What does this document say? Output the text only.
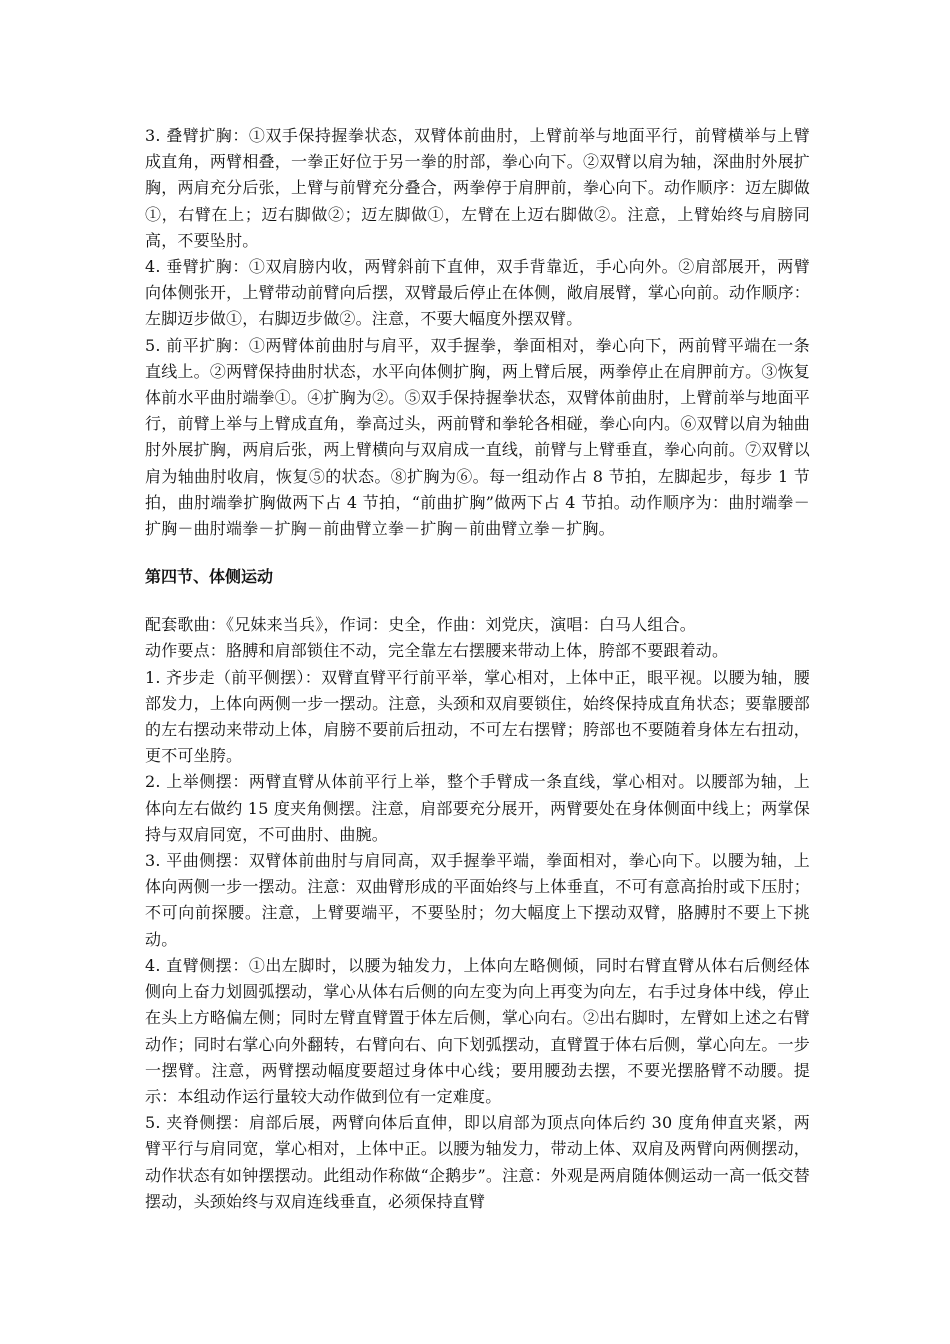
3. 叠臂扩胸：①双手保持握拳状态，双臂体前曲肘，上臂前举与地面平行，前臂横举与上臂成直角，两臂相叠，一拳正好位于另一拳的肘部，拳心向下。②双臂以肩为轴，深曲肘外展扩胸，两肩充分后张，上臂与前臂充分叠合，两拳停于肩胛前，拳心向下。动作顺序：迈左脚做①，右臂在上；迈右脚做②；迈左脚做①，左臂在上迈右脚做②。注意，上臂始终与肩膀同高，不要坠肘。

4. 垂臂扩胸：①双肩膀内收，两臂斜前下直伸，双手背靠近，手心向外。②肩部展开，两臂向体侧张开，上臂带动前臂向后摆，双臂最后停止在体侧，敞肩展臂，掌心向前。动作顺序：左脚迈步做①，右脚迈步做②。注意，不要大幅度外摆双臂。

5. 前平扩胸：①两臂体前曲肘与肩平，双手握拳，拳面相对，拳心向下，两前臂平端在一条直线上。②两臂保持曲肘状态，水平向体侧扩胸，两上臂后展，两拳停止在肩胛前方。③恢复体前水平曲肘端拳①。④扩胸为②。⑤双手保持握拳状态，双臂体前曲肘，上臂前举与地面平行，前臂上举与上臂成直角，拳高过头，两前臂和拳轮各相碰，拳心向内。⑥双臂以肩为轴曲肘外展扩胸，两肩后张，两上臂横向与双肩成一直线，前臂与上臂垂直，拳心向前。⑦双臂以肩为轴曲肘收肩，恢复⑤的状态。⑧扩胸为⑥。每一组动作占 8 节拍，左脚起步，每步 1 节拍，曲肘端拳扩胸做两下占 4 节拍，“前曲扩胸”做两下占 4 节拍。动作顺序为：曲肘端拳－扩胸－曲肘端拳－扩胸－前曲臂立拳－扩胸－前曲臂立拳－扩胸。

第四节、体侧运动

配套歌曲：《兄妹来当兵》，作词：史全，作曲：刘党庆，演唱：白马人组合。

动作要点：胳膊和肩部锁住不动，完全靠左右摆腰来带动上体，胯部不要跟着动。

1. 齐步走（前平侧摆）：双臂直臂平行前平举，掌心相对，上体中正，眼平视。以腰为轴，腰部发力，上体向两侧一步一摆动。注意，头颈和双肩要锁住，始终保持成直角状态；要靠腰部的左右摆动来带动上体，肩膀不要前后扭动，不可左右摆臂；胯部也不要随着身体左右扭动，更不可坐胯。

2. 上举侧摆：两臂直臂从体前平行上举，整个手臂成一条直线，掌心相对。以腰部为轴，上体向左右做约 15 度夹角侧摆。注意，肩部要充分展开，两臂要处在身体侧面中线上；两掌保持与双肩同宽，不可曲肘、曲腕。

3. 平曲侧摆：双臂体前曲肘与肩同高，双手握拳平端，拳面相对，拳心向下。以腰为轴，上体向两侧一步一摆动。注意：双曲臂形成的平面始终与上体垂直，不可有意高抬肘或下压肘；不可向前探腰。注意，上臂要端平，不要坠肘；勿大幅度上下摆动双臂，胳膊肘不要上下挑动。

4. 直臂侧摆：①出左脚时，以腰为轴发力，上体向左略侧倾，同时右臂直臂从体右后侧经体侧向上奋力划圆弧摆动，掌心从体右后侧的向左变为向上再变为向左，右手过身体中线，停止在头上方略偏左侧；同时左臂直臂置于体左后侧，掌心向右。②出右脚时，左臂如上述之右臂动作；同时右掌心向外翻转，右臂向右、向下划弧摆动，直臂置于体右后侧，掌心向左。一步一摆臂。注意，两臂摆动幅度要超过身体中心线；要用腰劲去摆，不要光摆胳臂不动腰。提示：本组动作运行量较大动作做到位有一定难度。

5. 夹脊侧摆：肩部后展，两臂向体后直伸，即以肩部为顶点向体后约 30 度角伸直夹紧，两臂平行与肩同宽，掌心相对，上体中正。以腰为轴发力，带动上体、双肩及两臂向两侧摆动，动作状态有如钟摆摆动。此组动作称做“企鹅步”。注意：外观是两肩随体侧运动一高一低交替摆动，头颈始终与双肩连线垂直，必须保持直臂
